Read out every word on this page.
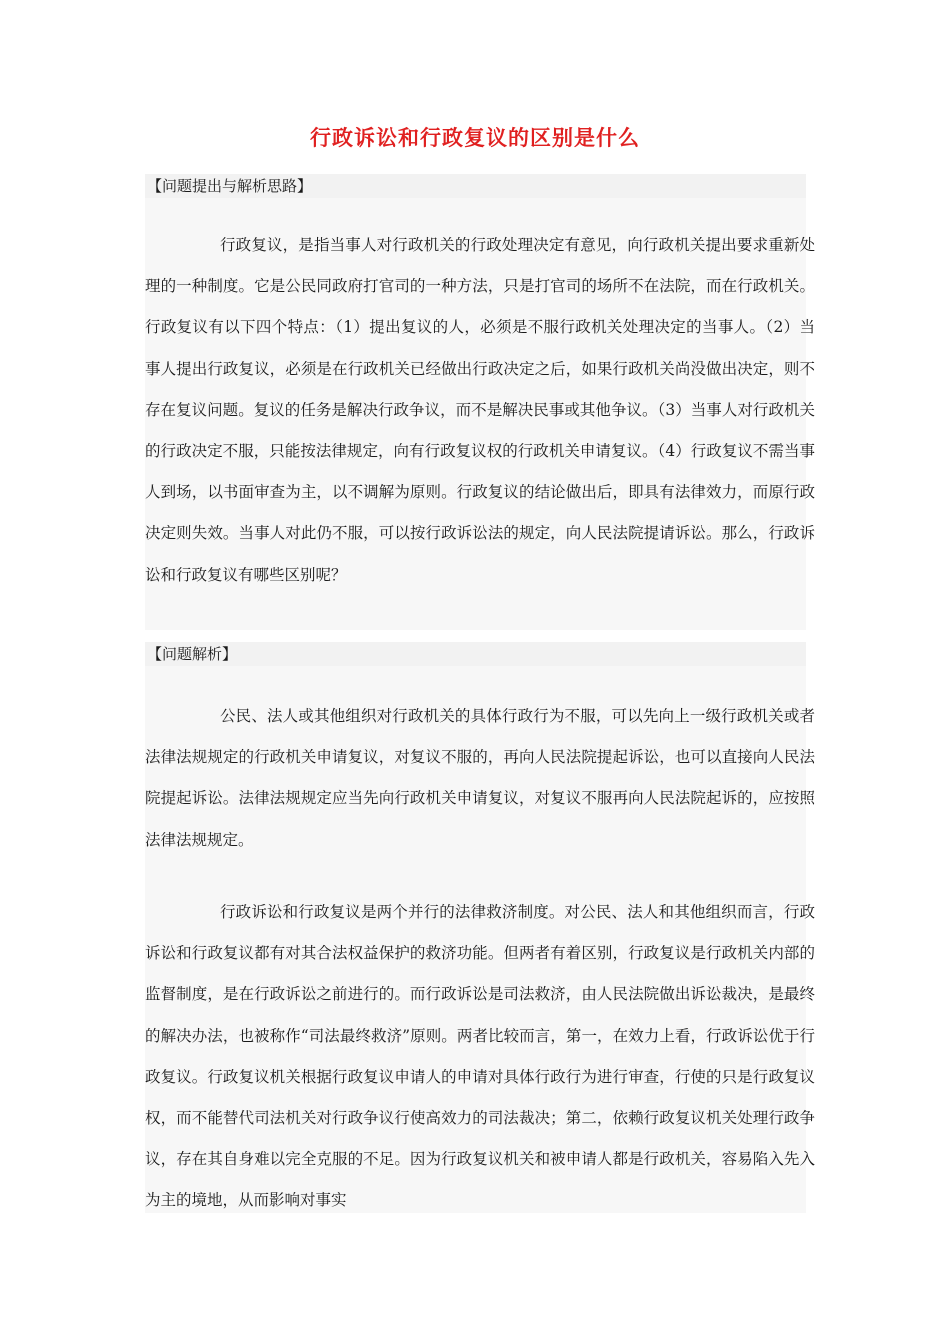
行政诉讼和行政复议的区别是什么
【问题提出与解析思路】

行政复议，是指当事人对行政机关的行政处理决定有意见，向行政机关提出要求重新处理的一种制度。它是公民同政府打官司的一种方法，只是打官司的场所不在法院，而在行政机关。行政复议有以下四个特点：（1）提出复议的人，必须是不服行政机关处理决定的当事人。（2）当事人提出行政复议，必须是在行政机关已经做出行政决定之后，如果行政机关尚没做出决定，则不存在复议问题。复议的任务是解决行政争议，而不是解决民事或其他争议。（3）当事人对行政机关的行政决定不服，只能按法律规定，向有行政复议权的行政机关申请复议。（4）行政复议不需当事人到场，以书面审查为主，以不调解为原则。行政复议的结论做出后，即具有法律效力，而原行政决定则失效。当事人对此仍不服，可以按行政诉讼法的规定，向人民法院提请诉讼。那么，行政诉讼和行政复议有哪些区别呢？

【问题解析】

公民、法人或其他组织对行政机关的具体行政行为不服，可以先向上一级行政机关或者法律法规规定的行政机关申请复议，对复议不服的，再向人民法院提起诉讼，也可以直接向人民法院提起诉讼。法律法规规定应当先向行政机关申请复议，对复议不服再向人民法院起诉的，应按照法律法规规定。

行政诉讼和行政复议是两个并行的法律救济制度。对公民、法人和其他组织而言，行政诉讼和行政复议都有对其合法权益保护的救济功能。但两者有着区别，行政复议是行政机关内部的监督制度，是在行政诉讼之前进行的。而行政诉讼是司法救济，由人民法院做出诉讼裁决，是最终的解决办法，也被称作“司法最终救济”原则。两者比较而言，第一，在效力上看，行政诉讼优于行政复议。行政复议机关根据行政复议申请人的申请对具体行政行为进行审查，行使的只是行政复议权，而不能替代司法机关对行政争议行使高效力的司法裁决；第二，依赖行政复议机关处理行政争议，存在其自身难以完全克服的不足。因为行政复议机关和被申请人都是行政机关，容易陷入先入为主的境地，从而影响对事实
